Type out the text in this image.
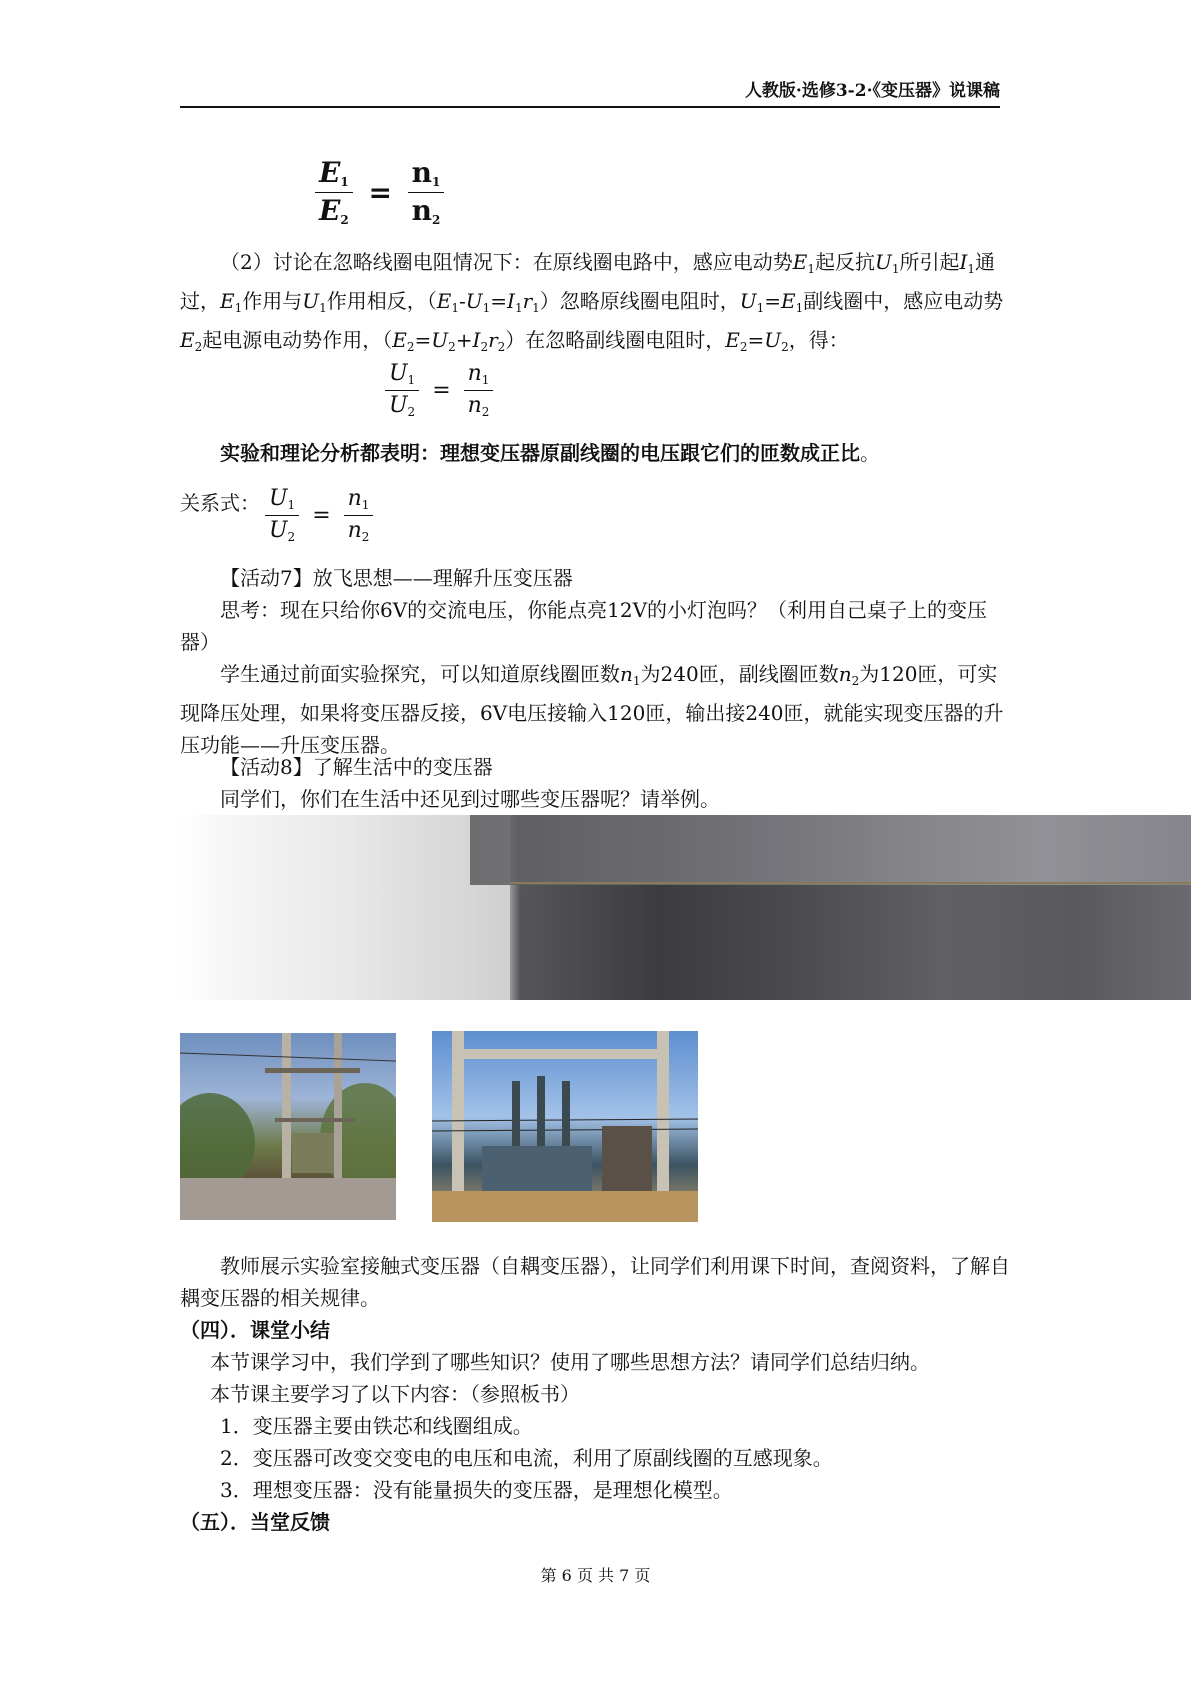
人教版·选修3-2·《变压器》说课稿
$\frac{E_1}{E_2} = \frac{n_1}{n_2}$
（2）讨论在忽略线圈电阻情况下：在原线圈电路中，感应电动势$E_1$起反抗$U_1$所引起$I_1$通过，$E_1$作用与$U_1$作用相反，$(E_1-U_1=I_1r_1)$忽略原线圈电阻时，$U_1=E_1$副线圈中，感应电动势$E_2$起电源电动势作用，$(E_2=U_2+I_2r_2)$在忽略副线圈电阻时，$E_2=U_2$，得：
$\frac{U_1}{U_2} = \frac{n_1}{n_2}$
实验和理论分析都表明：理想变压器原副线圈的电压跟它们的匝数成正比。
关系式： $\frac{U_1}{U_2} = \frac{n_1}{n_2}$
【活动7】放飞思想——理解升压变压器
思考：现在只给你6V的交流电压，你能点亮12V的小灯泡吗？（利用自己桌子上的变压器）
学生通过前面实验探究，可以知道原线圈匝数$n_1$为240匝，副线圈匝数$n_2$为120匝，可实现降压处理，如果将变压器反接，6V电压接输入120匝，输出接240匝，就能实现变压器的升压功能——升压变压器。
【活动8】了解生活中的变压器
同学们，你们在生活中还见到过哪些变压器呢？请举例。
教师展示实验室接触式变压器（自耦变压器），让同学们利用课下时间，查阅资料，了解自耦变压器的相关规律。
（四）．课堂小结
本节课学习中，我们学到了哪些知识？使用了哪些思想方法？请同学们总结归纳。
本节课主要学习了以下内容：（参照板书）
1．变压器主要由铁芯和线圈组成。
2．变压器可改变交变电的电压和电流，利用了原副线圈的互感现象。
3．理想变压器：没有能量损失的变压器，是理想化模型。
（五）．当堂反馈
第 6 页 共 7 页
